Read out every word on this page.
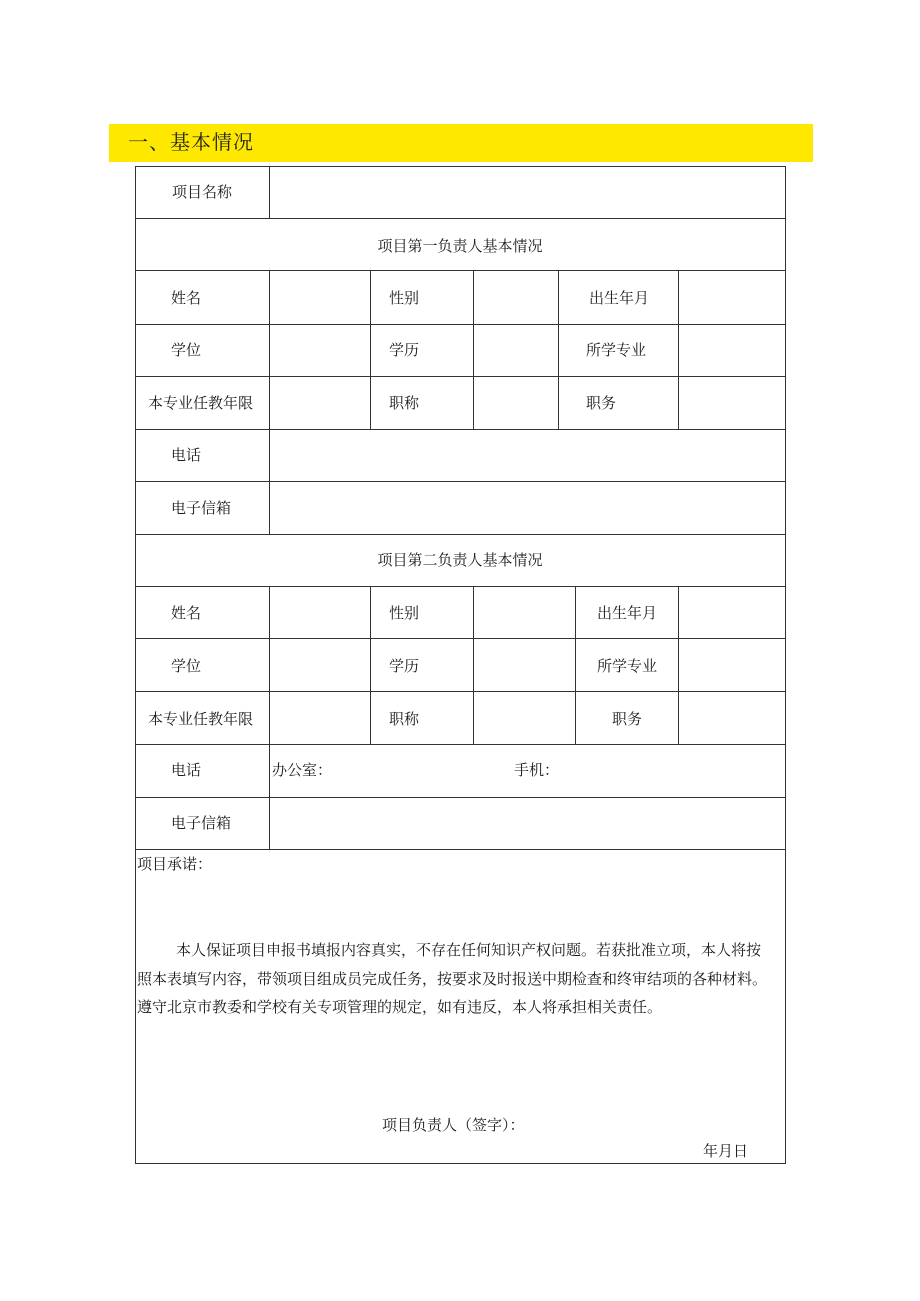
一、基本情况
项目名称
项目第一负责人基本情况
姓名	性别	出生年月
学位	学历	所学专业
本专业任教年限	职称	职务
电话
电子信箱
项目第二负责人基本情况
姓名	性别	出生年月
学位	学历	所学专业
本专业任教年限	职称	职务
电话	办公室：	手机：
电子信箱
项目承诺：
本人保证项目申报书填报内容真实，不存在任何知识产权问题。若获批准立项，本人将按
照本表填写内容，带领项目组成员完成任务，按要求及时报送中期检查和终审结项的各种材料。
遵守北京市教委和学校有关专项管理的规定，如有违反，本人将承担相关责任。
项目负责人（签字）：
年月日
